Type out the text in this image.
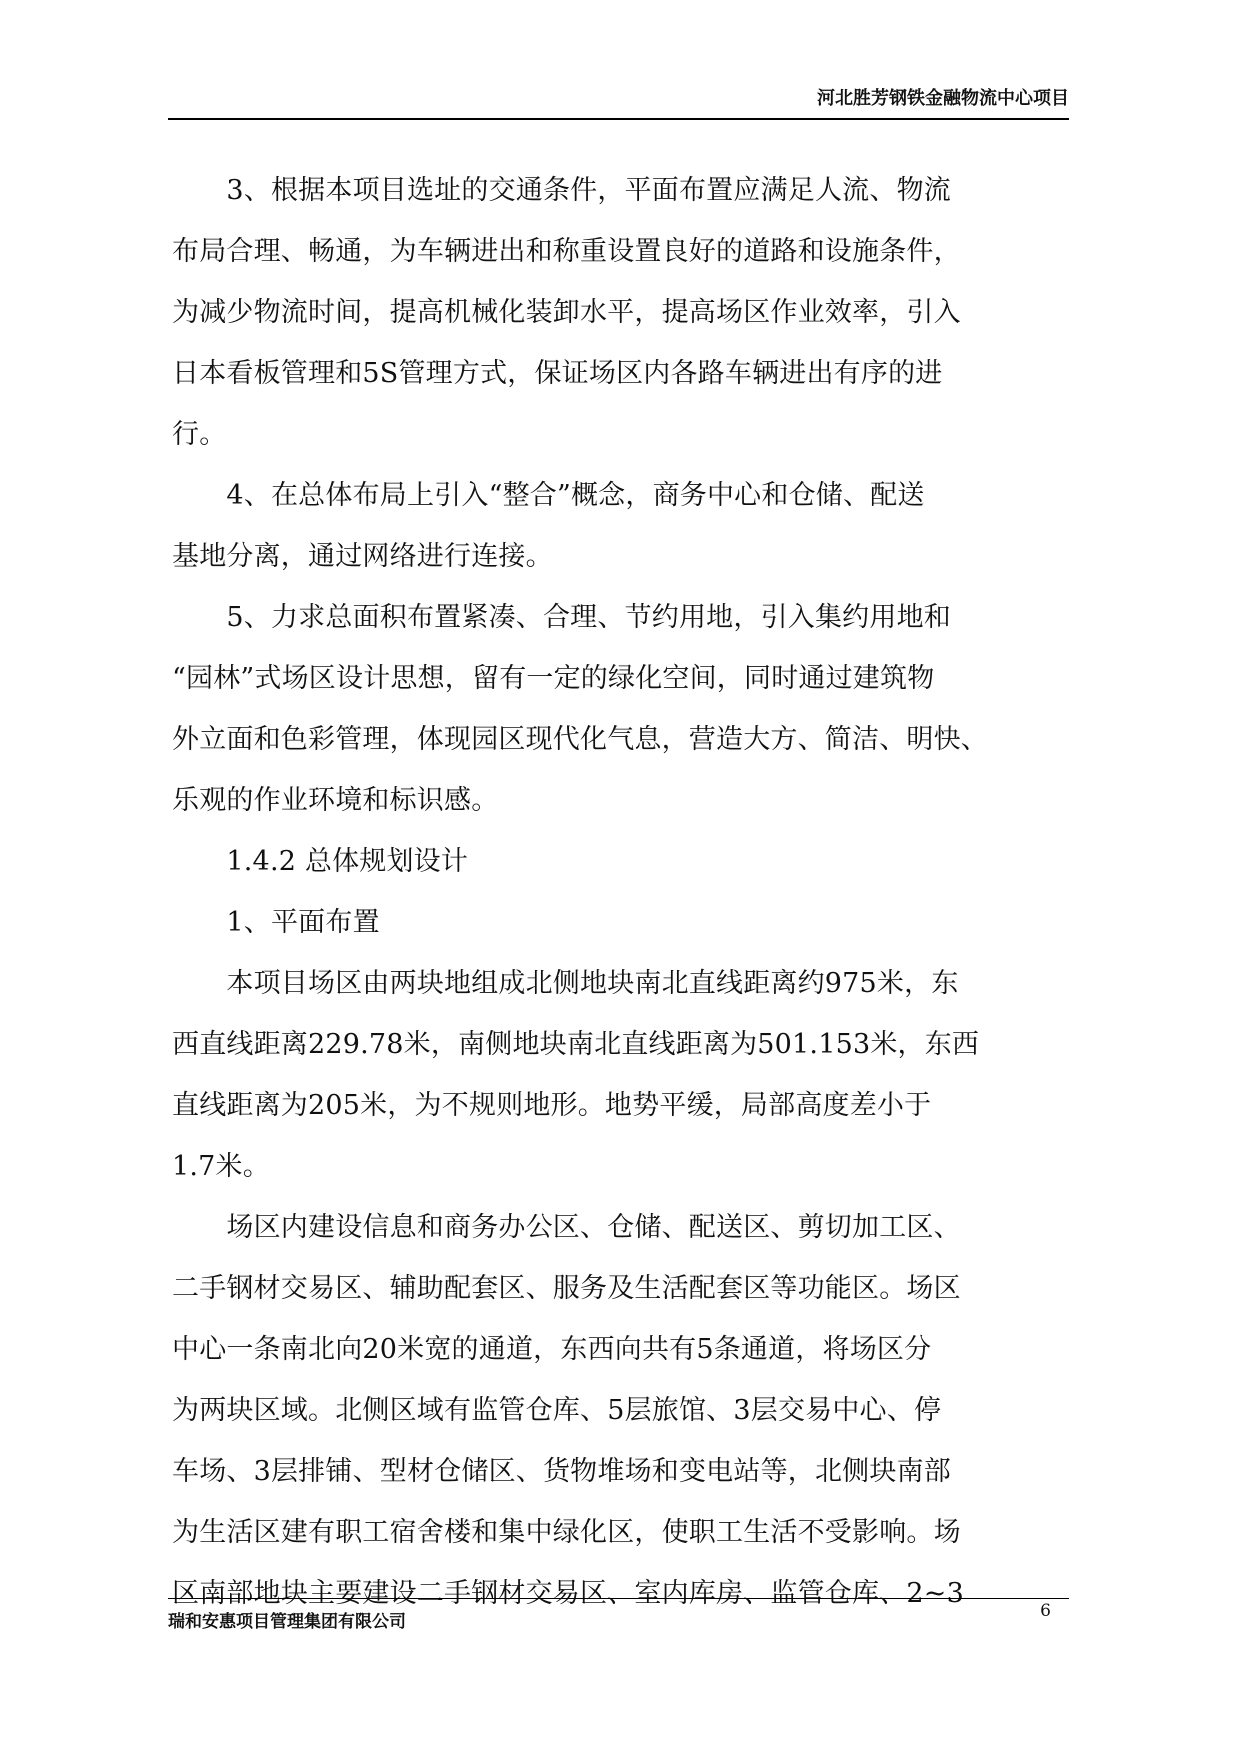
河北胜芳钢铁金融物流中心项目

　　3、根据本项目选址的交通条件，平面布置应满足人流、物流

布局合理、畅通，为车辆进出和称重设置良好的道路和设施条件，

为减少物流时间，提高机械化装卸水平，提高场区作业效率，引入

日本看板管理和5S管理方式，保证场区内各路车辆进出有序的进

行。

　　4、在总体布局上引入“整合”概念，商务中心和仓储、配送

基地分离，通过网络进行连接。

　　5、力求总面积布置紧凑、合理、节约用地，引入集约用地和

“园林”式场区设计思想，留有一定的绿化空间，同时通过建筑物

外立面和色彩管理，体现园区现代化气息，营造大方、简洁、明快、

乐观的作业环境和标识感。

　　1.4.2 总体规划设计

　　1、平面布置

　　本项目场区由两块地组成北侧地块南北直线距离约975米，东

西直线距离229.78米，南侧地块南北直线距离为501.153米，东西

直线距离为205米，为不规则地形。地势平缓，局部高度差小于

1.7米。

　　场区内建设信息和商务办公区、仓储、配送区、剪切加工区、

二手钢材交易区、辅助配套区、服务及生活配套区等功能区。场区

中心一条南北向20米宽的通道，东西向共有5条通道，将场区分

为两块区域。北侧区域有监管仓库、5层旅馆、3层交易中心、停

车场、3层排铺、型材仓储区、货物堆场和变电站等，北侧块南部

为生活区建有职工宿舍楼和集中绿化区，使职工生活不受影响。场

区南部地块主要建设二手钢材交易区、室内库房、监管仓库、2~3

瑞和安惠项目管理集团有限公司
6
